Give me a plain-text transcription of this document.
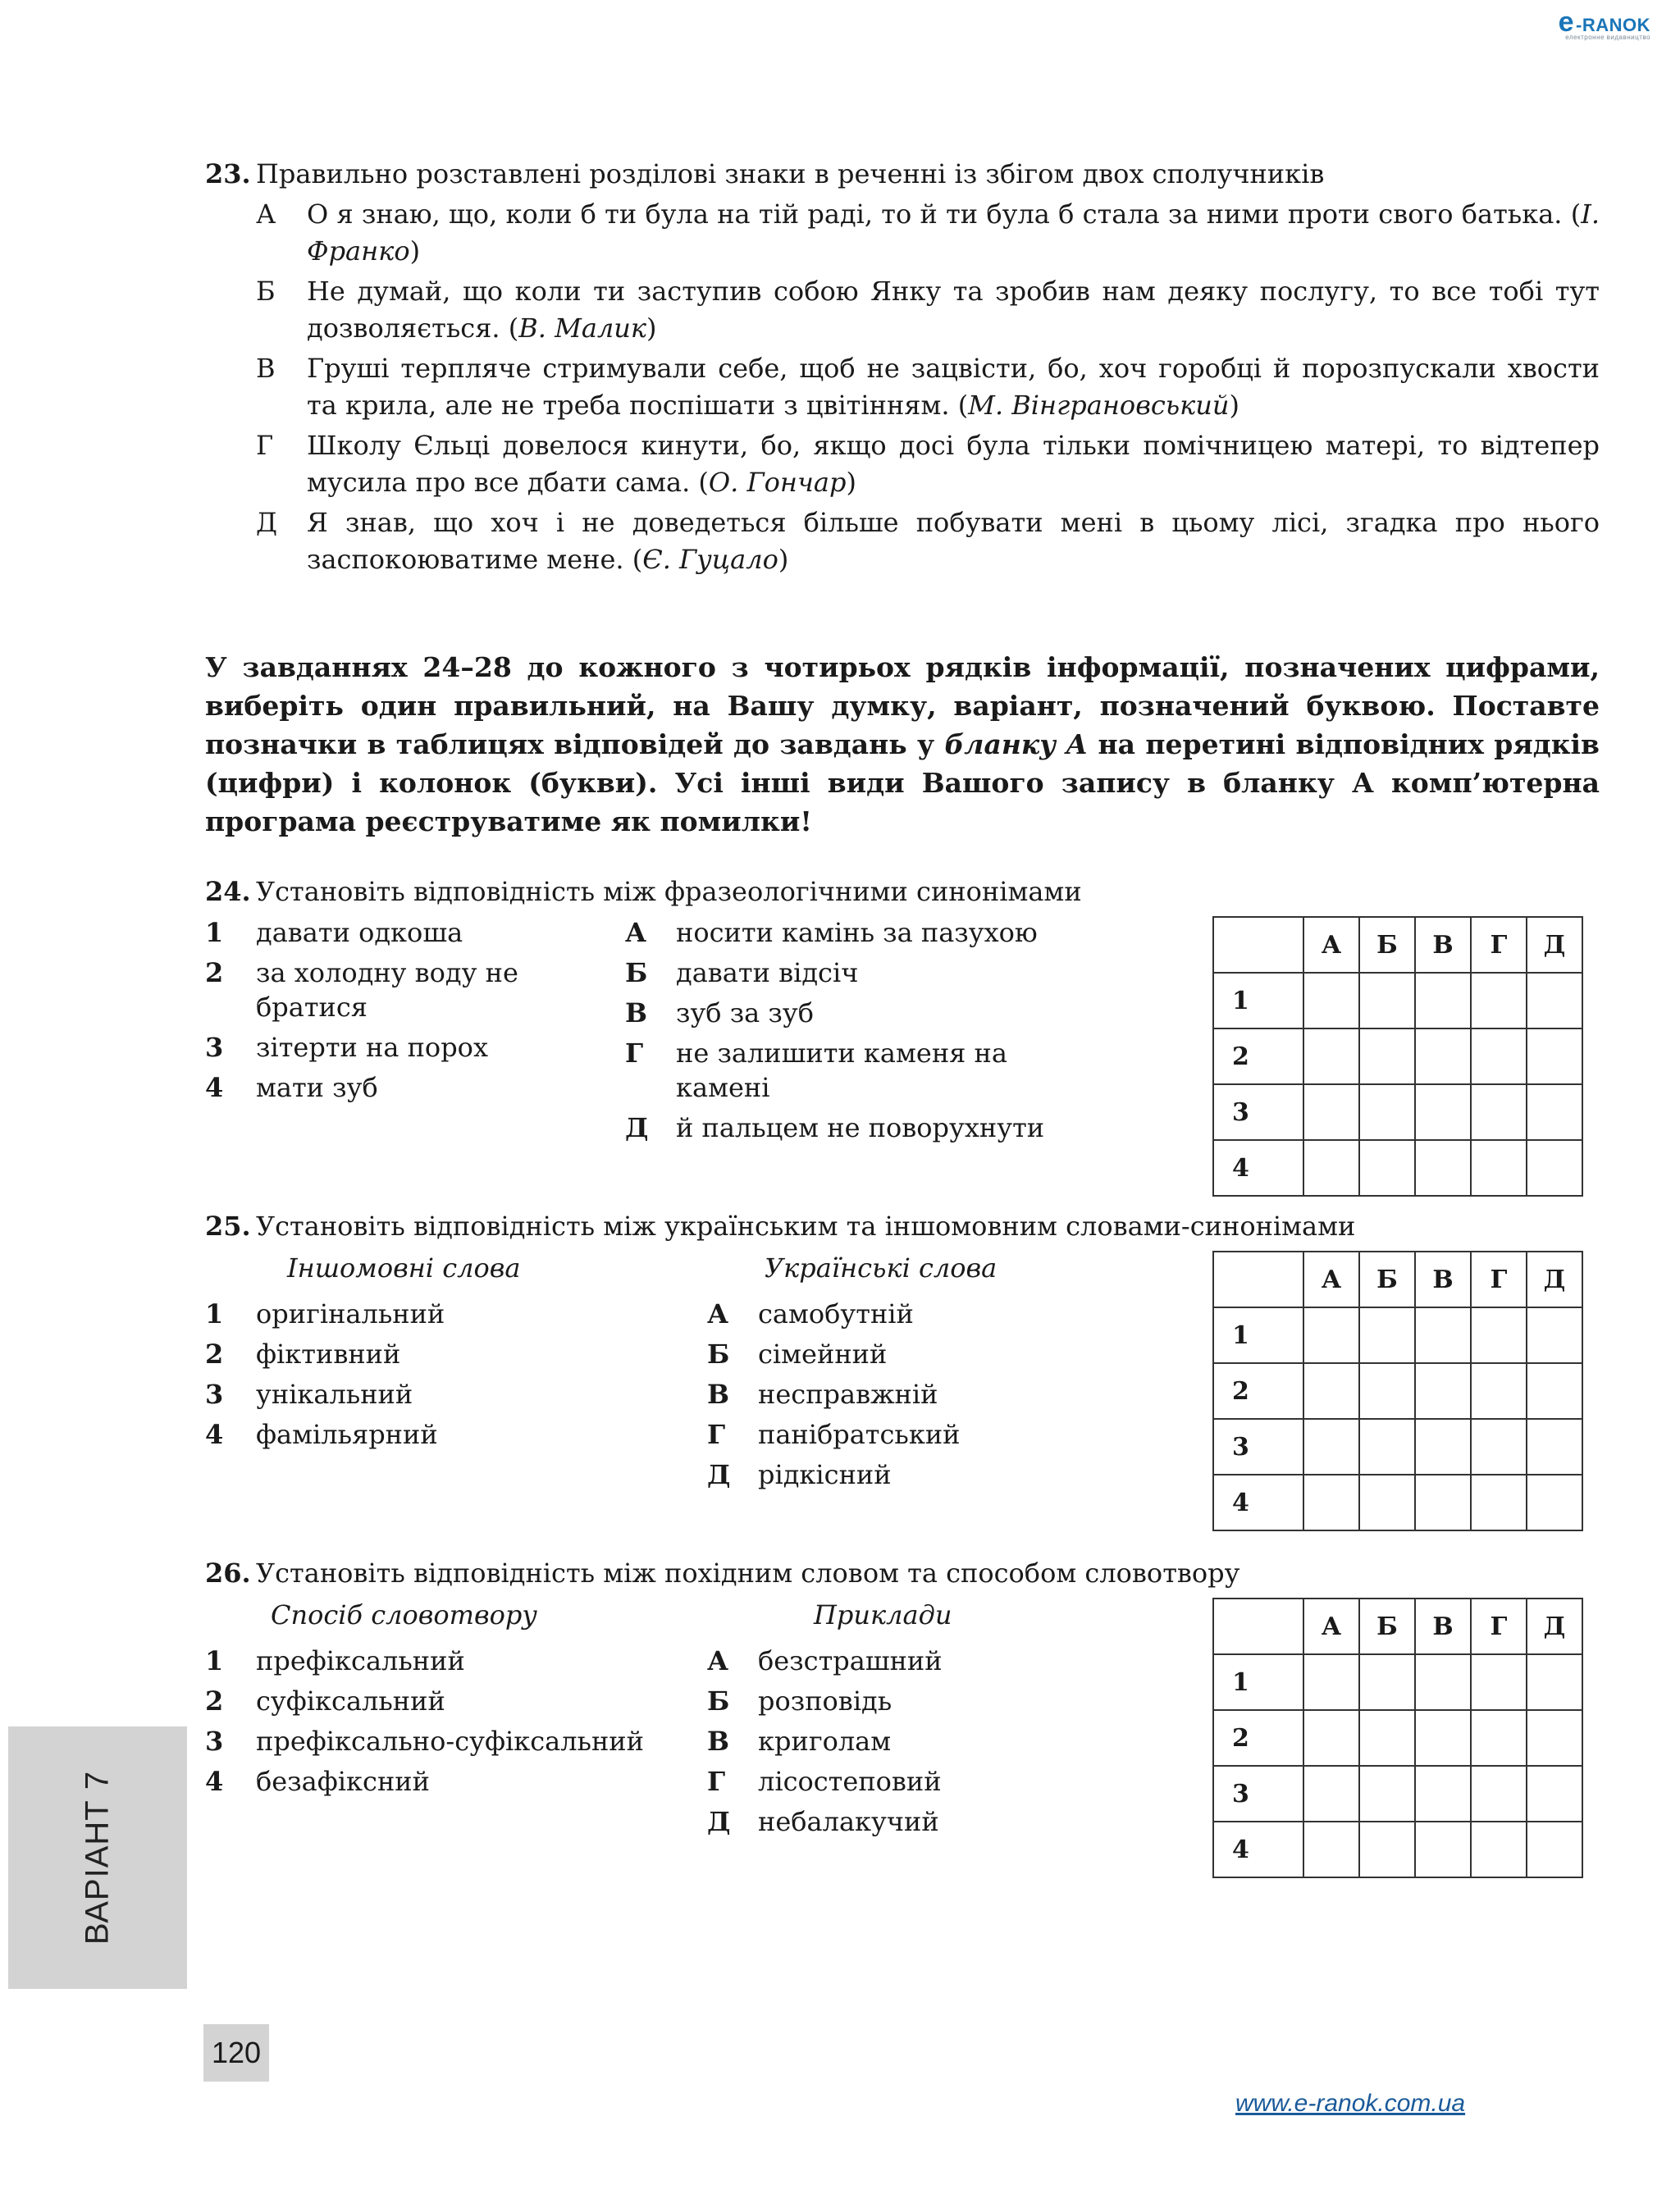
e-RANOK
електронне видавництво
23. Правильно розставлені розділові знаки в реченні із збігом двох сполучників
А	О я знаю, що, коли б ти була на тій раді, то й ти була б стала за ними проти свого батька. (І. Франко)
Б	Не думай, що коли ти заступив собою Янку та зробив нам деяку послугу, то все тобі тут дозволяється. (В. Малик)
В	Груші терпляче стримували себе, щоб не зацвісти, бо, хоч горобці й порозпускали хвости та крила, але не треба поспішати з цвітінням. (М. Вінграновський)
Г	Школу Єльці довелося кинути, бо, якщо досі була тільки помічницею матері, то відтепер мусила про все дбати сама. (О. Гончар)
Д	Я знав, що хоч і не доведеться більше побувати мені в цьому лісі, згадка про нього заспокоюватиме мене. (Є. Гуцало)
У завданнях 24–28 до кожного з чотирьох рядків інформації, позначених цифрами, виберіть один правильний, на Вашу думку, варіант, позначений буквою. Поставте позначки в таблицях відповідей до завдань у бланку А на перетині відповідних рядків (цифри) і колонок (букви). Усі інші види Вашого запису в бланку А комп’ютерна програма реєструватиме як помилки!
24. Установіть відповідність між фразеологічними синонімами
1	давати одкоша
2	за холодну воду не братися
3	зітерти на порох
4	мати зуб
А	носити камінь за пазухою
Б	давати відсіч
В	зуб за зуб
Г	не залишити каменя на камені
Д	й пальцем не поворухнути
	А	Б	В	Г	Д
1					
2					
3					
4					
25. Установіть відповідність між українським та іншомовним словами-синонімами
Іншомовні слова
1	оригінальний
2	фіктивний
3	унікальний
4	фамільярний
Українські слова
А	самобутній
Б	сімейний
В	несправжній
Г	панібратський
Д	рідкісний
	А	Б	В	Г	Д
1					
2					
3					
4					
26. Установіть відповідність між похідним словом та способом словотвору
Спосіб словотвору
1	префіксальний
2	суфіксальний
3	префіксально-суфіксальний
4	безафіксний
Приклади
А	безстрашний
Б	розповідь
В	криголам
Г	лісостеповий
Д	небалакучий
	А	Б	В	Г	Д
1					
2					
3					
4					
ВАРІАНТ 7
120
www.e-ranok.com.ua
